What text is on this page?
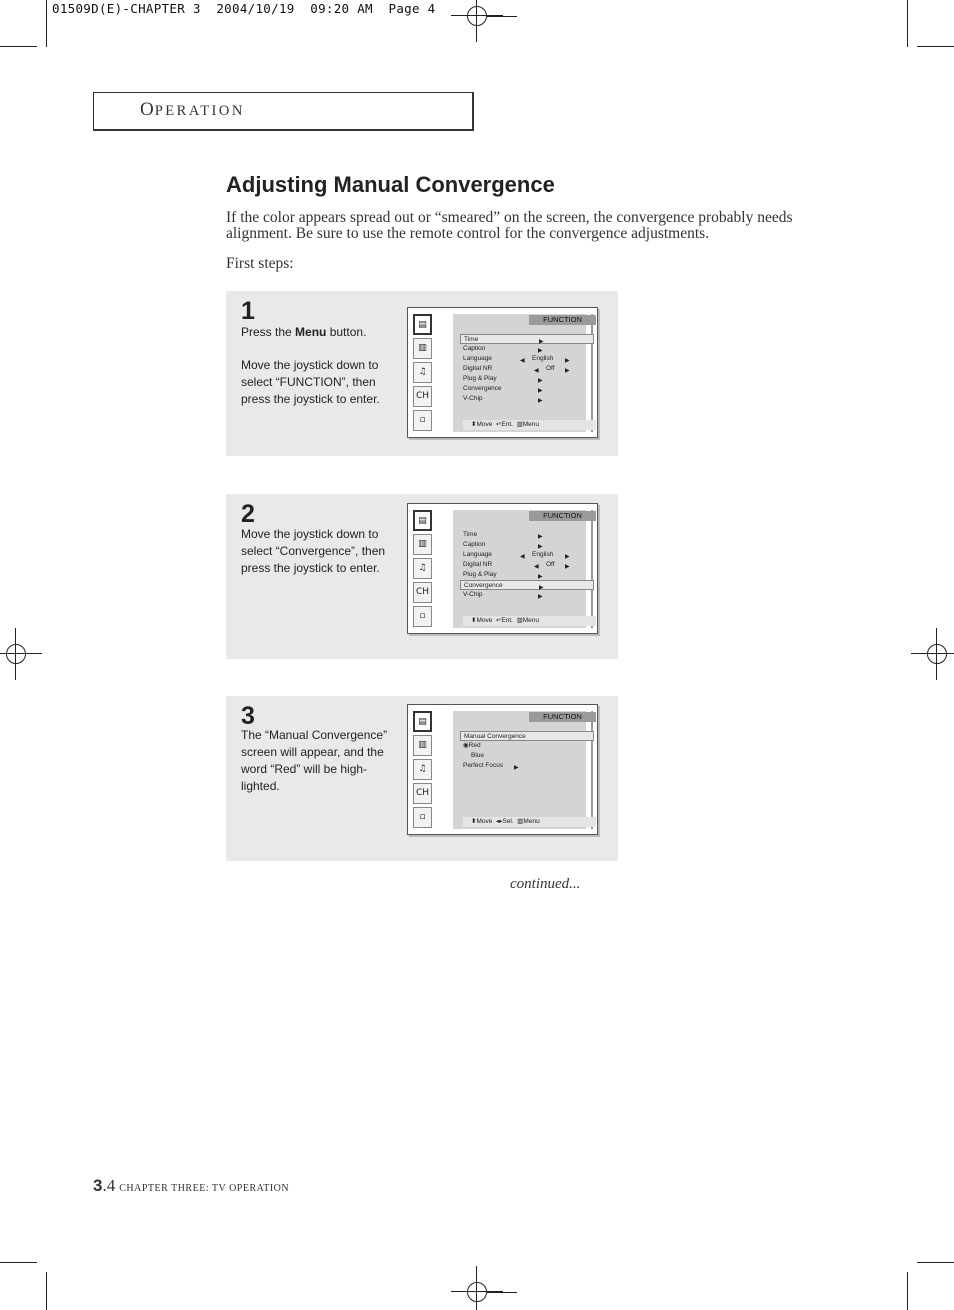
01509D(E)-CHAPTER 3  2004/10/19  09:20 AM  Page 4
OPERATION
Adjusting Manual Convergence

If the color appears spread out or “smeared” on the screen, the convergence probably needs alignment. Be sure to use the remote control for the convergence adjustments.

First steps:

1

Press the Menu button.

Move the joystick down to select “FUNCTION”, then press the joystick to enter.

▤
▥
♫
CH
▫
FUNCTION
Time	▶
Caption	▶
Language	◀ English ▶
Digital NR	◀ Off ▶
Plug & Play	▶
Convergence	▶
V-Chip	▶
⬍Move  ↵Ent.  ▥Menu
2

Move the joystick down to select “Convergence”, then press the joystick to enter.

▤
▥
♫
CH
▫
FUNCTION
Time	▶
Caption	▶
Language	◀ English ▶
Digital NR	◀ Off ▶
Plug & Play	▶
Convergence	▶
V-Chip	▶
⬍Move  ↵Ent.  ▥Menu
3

The “Manual Convergence” screen will appear, and the word “Red” will be high-lighted.

▤
▥
♫
CH
▫
FUNCTION
Manual Convergence
◉Red
Blue
Perfect Focus ▶
⬍Move  ◂▸Sel.  ▥Menu

continued...

3.4 CHAPTER THREE: TV OPERATION
